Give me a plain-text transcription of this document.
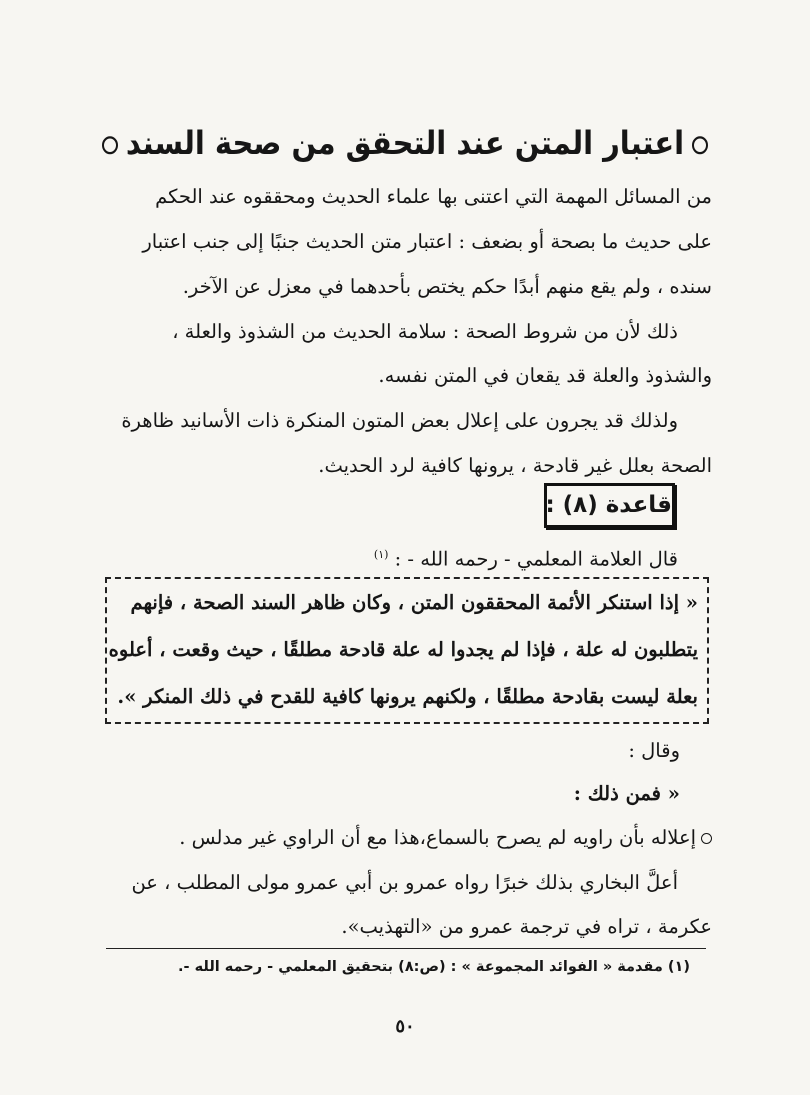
اعتبار المتن عند التحقق من صحة السند
من المسائل المهمة التي اعتنى بها علماء الحديث ومحققوه عند الحكم
على حديث ما بصحة أو بضعف : اعتبار متن الحديث جنبًا إلى جنب اعتبار
سنده ، ولم يقع منهم أبدًا حكم يختص بأحدهما في معزل عن الآخر.
ذلك لأن من شروط الصحة : سلامة الحديث من الشذوذ والعلة ،
والشذوذ والعلة قد يقعان في المتن نفسه.
ولذلك قد يجرون على إعلال بعض المتون المنكرة ذات الأسانيد ظاهرة
الصحة بعلل غير قادحة ، يرونها كافية لرد الحديث.
قاعدة (٨) :
قال العلامة المعلمي - رحمه الله - : $^{(١)}$
« إذا استنكر الأئمة المحققون المتن ، وكان ظاهر السند الصحة ، فإنهم
يتطلبون له علة ، فإذا لم يجدوا له علة قادحة مطلقًا ، حيث وقعت ، أعلوه
بعلة ليست بقادحة مطلقًا ، ولكنهم يرونها كافية للقدح في ذلك المنكر ».
وقال :
« فمن ذلك :
إعلاله بأن راويه لم يصرح بالسماع،هذا مع أن الراوي غير مدلس .
أعلَّ البخاري بذلك خبرًا رواه عمرو بن أبي عمرو مولى المطلب ، عن
عكرمة ، تراه في ترجمة عمرو من «التهذيب».
(١) مقدمة « الفوائد المجموعة » : (ص:٨) بتحقيق المعلمي - رحمه الله -.
٥٠
